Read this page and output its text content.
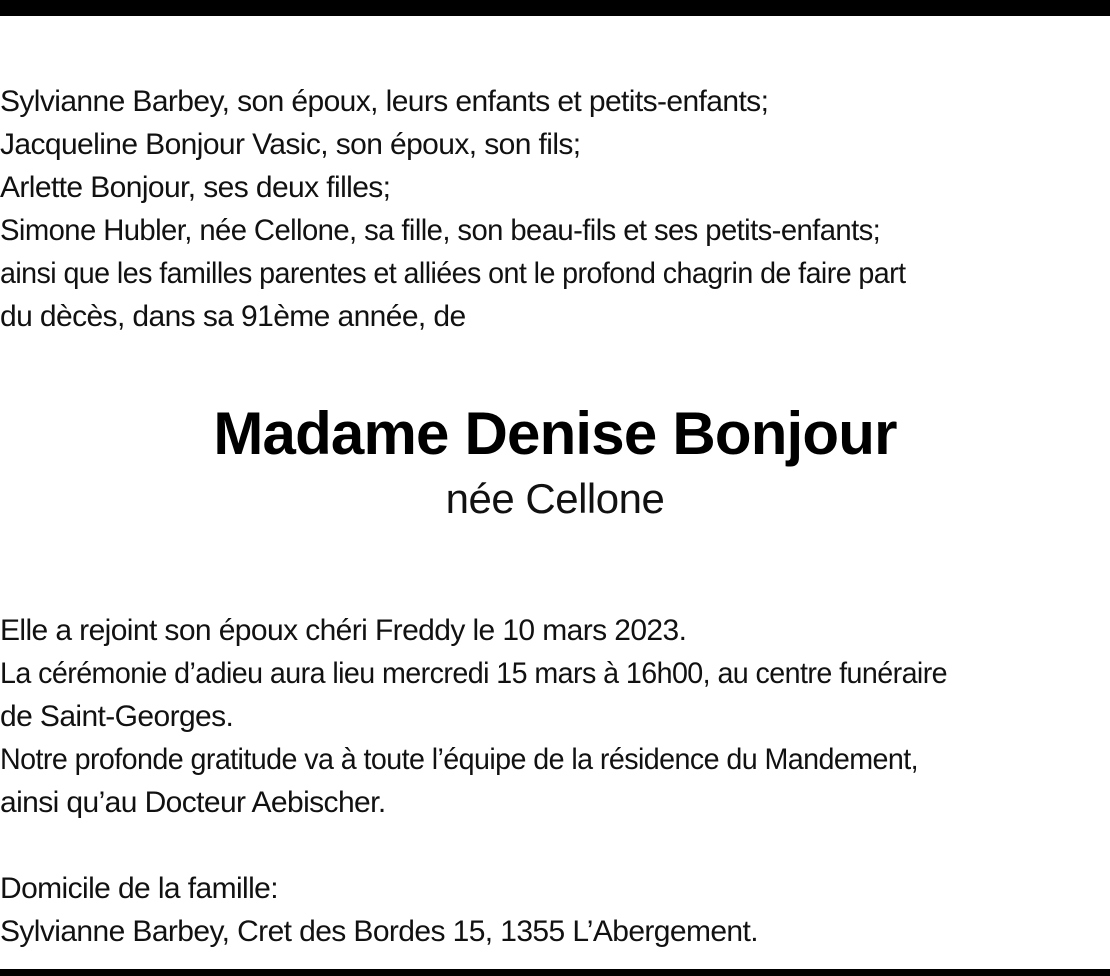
Sylvianne Barbey, son époux, leurs enfants et petits-enfants;
Jacqueline Bonjour Vasic, son époux, son fils;
Arlette Bonjour, ses deux filles;
Simone Hubler, née Cellone, sa fille, son beau-fils et ses petits-enfants;
ainsi que les familles parentes et alliées ont le profond chagrin de faire part
du dècès, dans sa 91ème année, de
Madame Denise Bonjour
née Cellone
Elle a rejoint son époux chéri Freddy le 10 mars 2023.
La cérémonie d’adieu aura lieu mercredi 15 mars à 16h00, au centre funéraire
de Saint-Georges.
Notre profonde gratitude va à toute l’équipe de la résidence du Mandement,
ainsi qu’au Docteur Aebischer.
Domicile de la famille:
Sylvianne Barbey, Cret des Bordes 15, 1355 L’Abergement.
